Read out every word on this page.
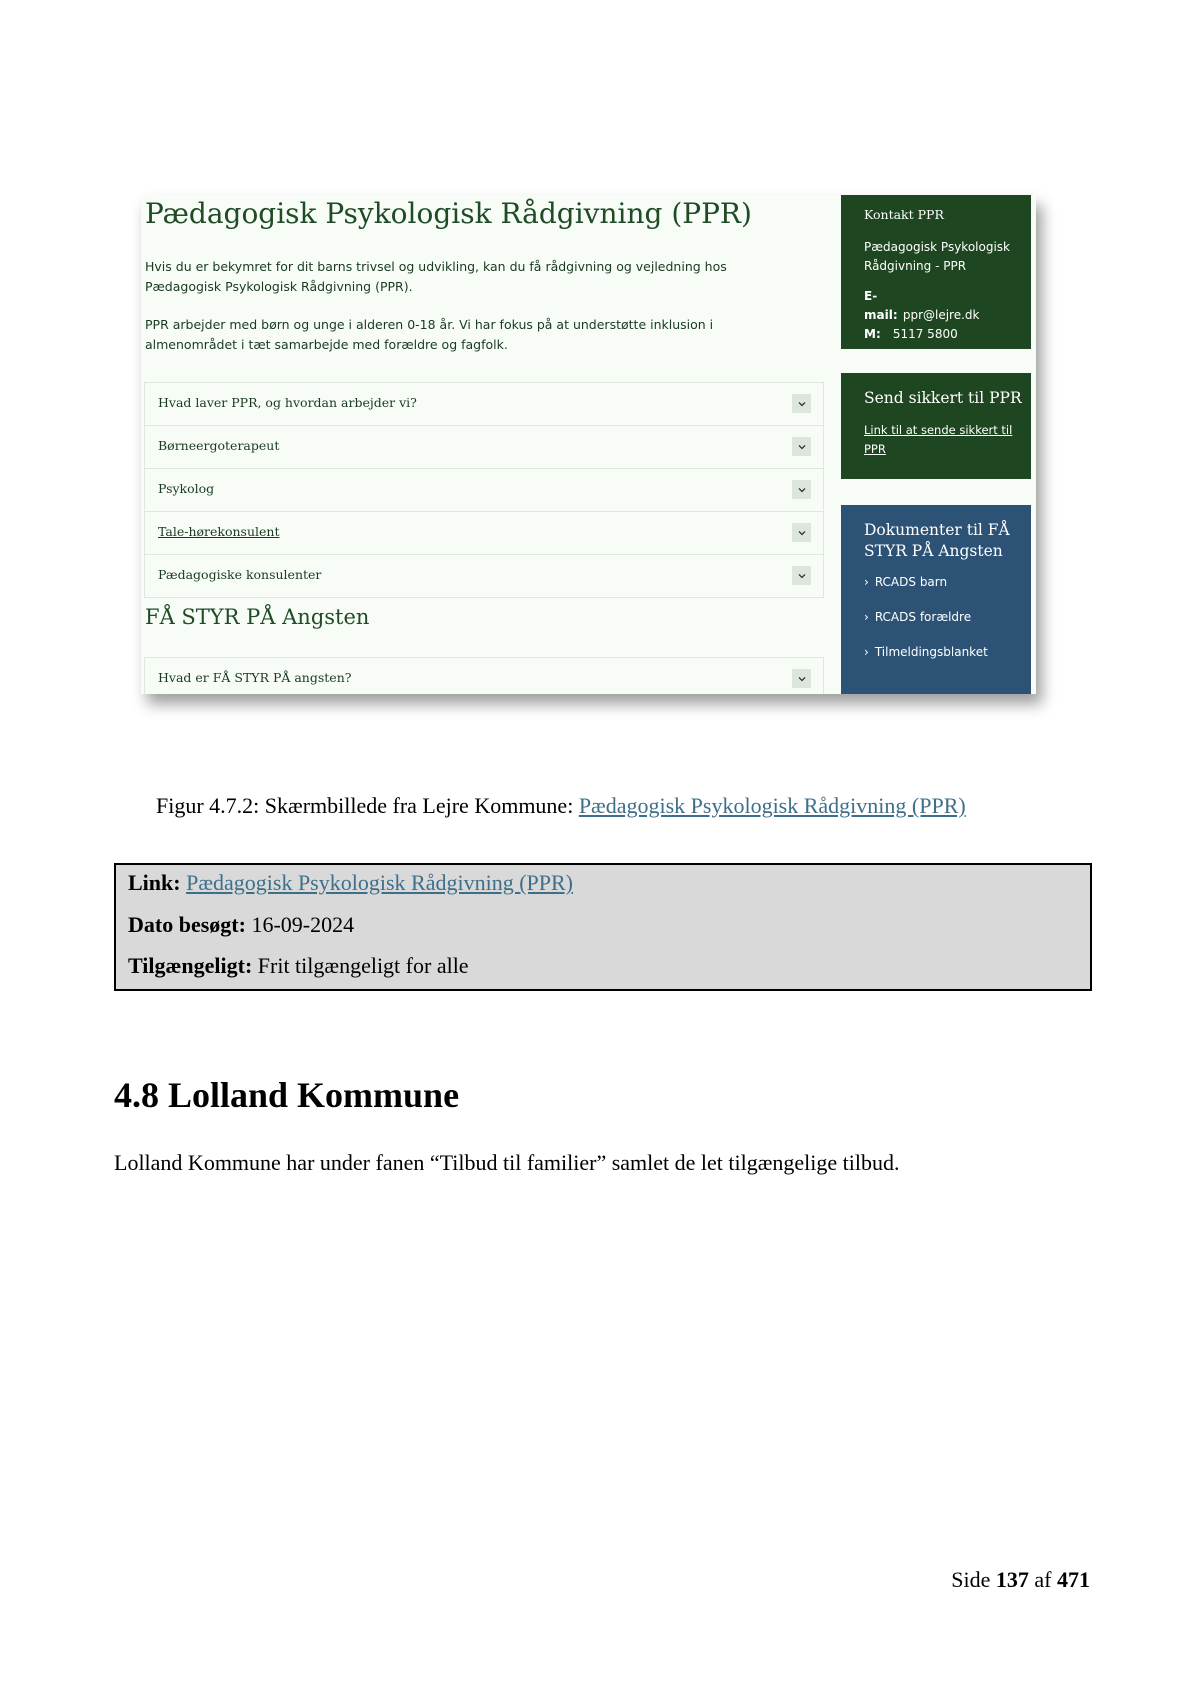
Pædagogisk Psykologisk Rådgivning (PPR)
Hvis du er bekymret for dit barns trivsel og udvikling, kan du få rådgivning og vejledning hos Pædagogisk Psykologisk Rådgivning (PPR).
PPR arbejder med børn og unge i alderen 0-18 år. Vi har fokus på at understøtte inklusion i almenområdet i tæt samarbejde med forældre og fagfolk.
Hvad laver PPR, og hvordan arbejder vi?
Børneergoterapeut
Psykolog
Tale-hørekonsulent
Pædagogiske konsulenter
FÅ STYR PÅ Angsten
Hvad er FÅ STYR PÅ angsten?
Kontakt PPR
Pædagogisk Psykologisk Rådgivning - PPR
E-mail: ppr@lejre.dk
M: 5117 5800
Send sikkert til PPR
Link til at sende sikkert til PPR
Dokumenter til FÅ STYR PÅ Angsten
› RCADS barn
› RCADS forældre
› Tilmeldingsblanket
Figur 4.7.2: Skærmbillede fra Lejre Kommune: Pædagogisk Psykologisk Rådgivning (PPR)
Link: Pædagogisk Psykologisk Rådgivning (PPR)
Dato besøgt: 16-09-2024
Tilgængeligt: Frit tilgængeligt for alle
4.8 Lolland Kommune

Lolland Kommune har under fanen “Tilbud til familier” samlet de let tilgængelige tilbud.

Side 137 af 471
